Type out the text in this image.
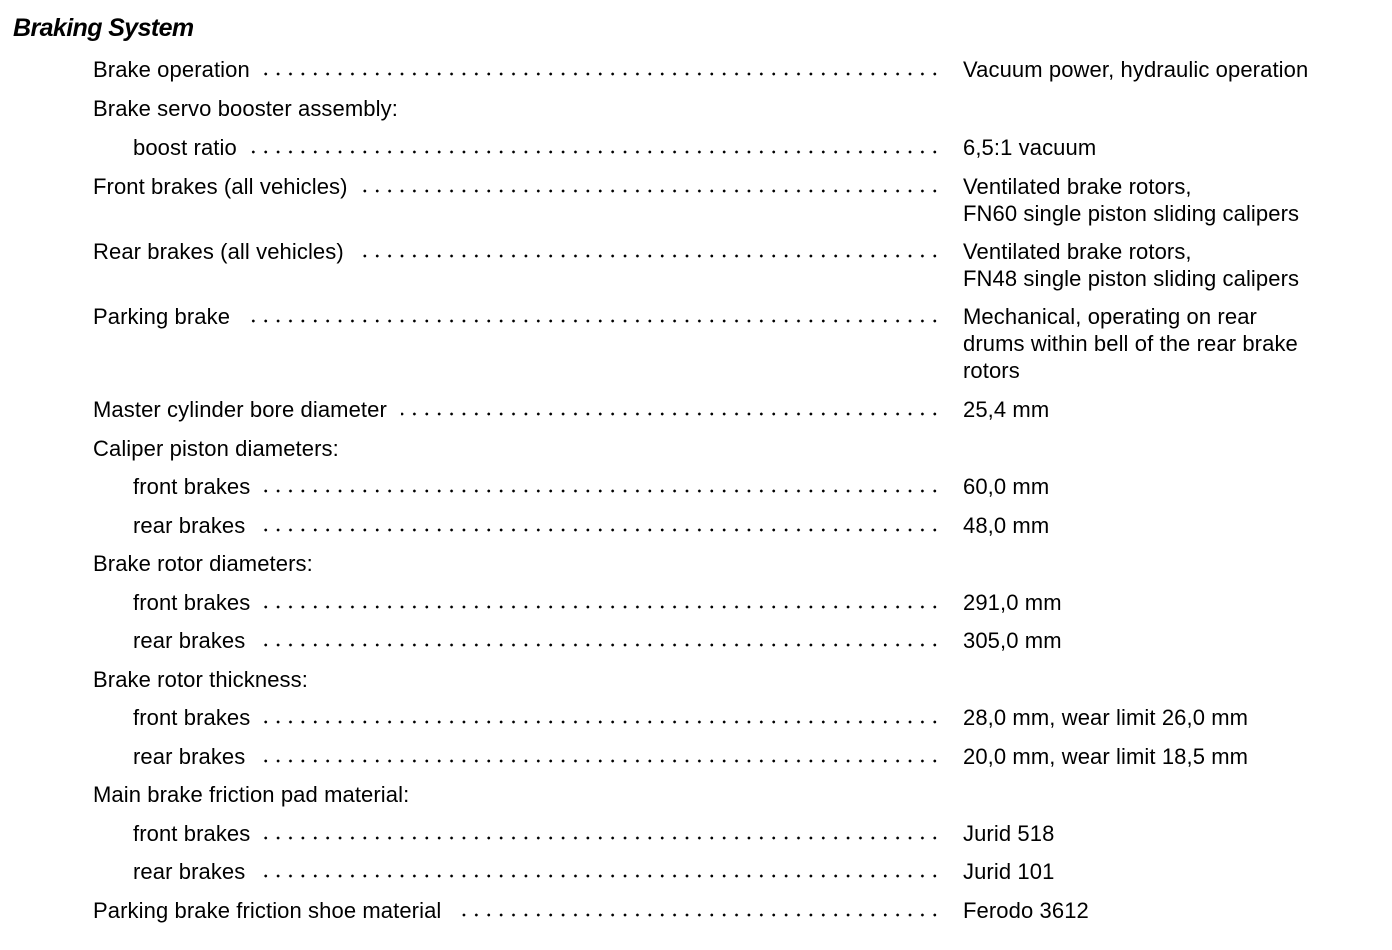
Braking System
Brake operation	Vacuum power, hydraulic operation
Brake servo booster assembly:
boost ratio	6,5:1 vacuum
Front brakes (all vehicles)	Ventilated brake rotors,
FN60 single piston sliding calipers
Rear brakes (all vehicles)	Ventilated brake rotors,
FN48 single piston sliding calipers
Parking brake	Mechanical, operating on rear
drums within bell of the rear brake
rotors
Master cylinder bore diameter	25,4 mm
Caliper piston diameters:
front brakes	60,0 mm
rear brakes	48,0 mm
Brake rotor diameters:
front brakes	291,0 mm
rear brakes	305,0 mm
Brake rotor thickness:
front brakes	28,0 mm, wear limit 26,0 mm
rear brakes	20,0 mm, wear limit 18,5 mm
Main brake friction pad material:
front brakes	Jurid 518
rear brakes	Jurid 101
Parking brake friction shoe material	Ferodo 3612
